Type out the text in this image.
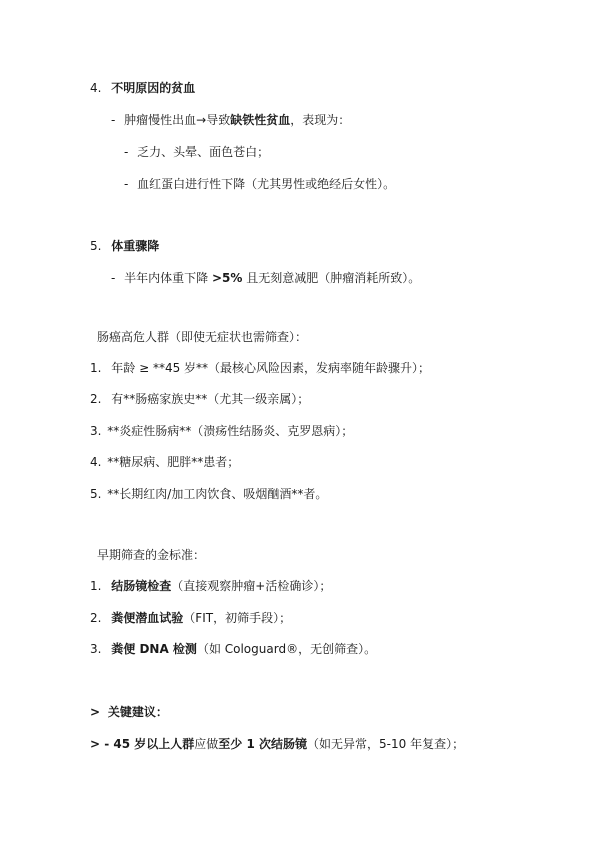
4. 不明原因的贫血
- 肿瘤慢性出血→导致缺铁性贫血，表现为：
- 乏力、头晕、面色苍白；
- 血红蛋白进行性下降（尤其男性或绝经后女性）。
5. 体重骤降
- 半年内体重下降 >5% 且无刻意减肥（肿瘤消耗所致）。
肠癌高危人群（即使无症状也需筛查）：
1. 年龄 ≥ **45 岁**（最核心风险因素，发病率随年龄骤升）；
2. 有**肠癌家族史**（尤其一级亲属）；
3. **炎症性肠病**（溃疡性结肠炎、克罗恩病）；
4. **糖尿病、肥胖**患者；
5. **长期红肉/加工肉饮食、吸烟酗酒**者。
早期筛查的金标准：
1. 结肠镜检查（直接观察肿瘤+活检确诊）；
2. 粪便潜血试验（FIT，初筛手段）；
3. 粪便 DNA 检测（如 Cologuard®，无创筛查）。
> 关键建议：
> - 45 岁以上人群应做至少 1 次结肠镜（如无异常，5-10 年复查）；
